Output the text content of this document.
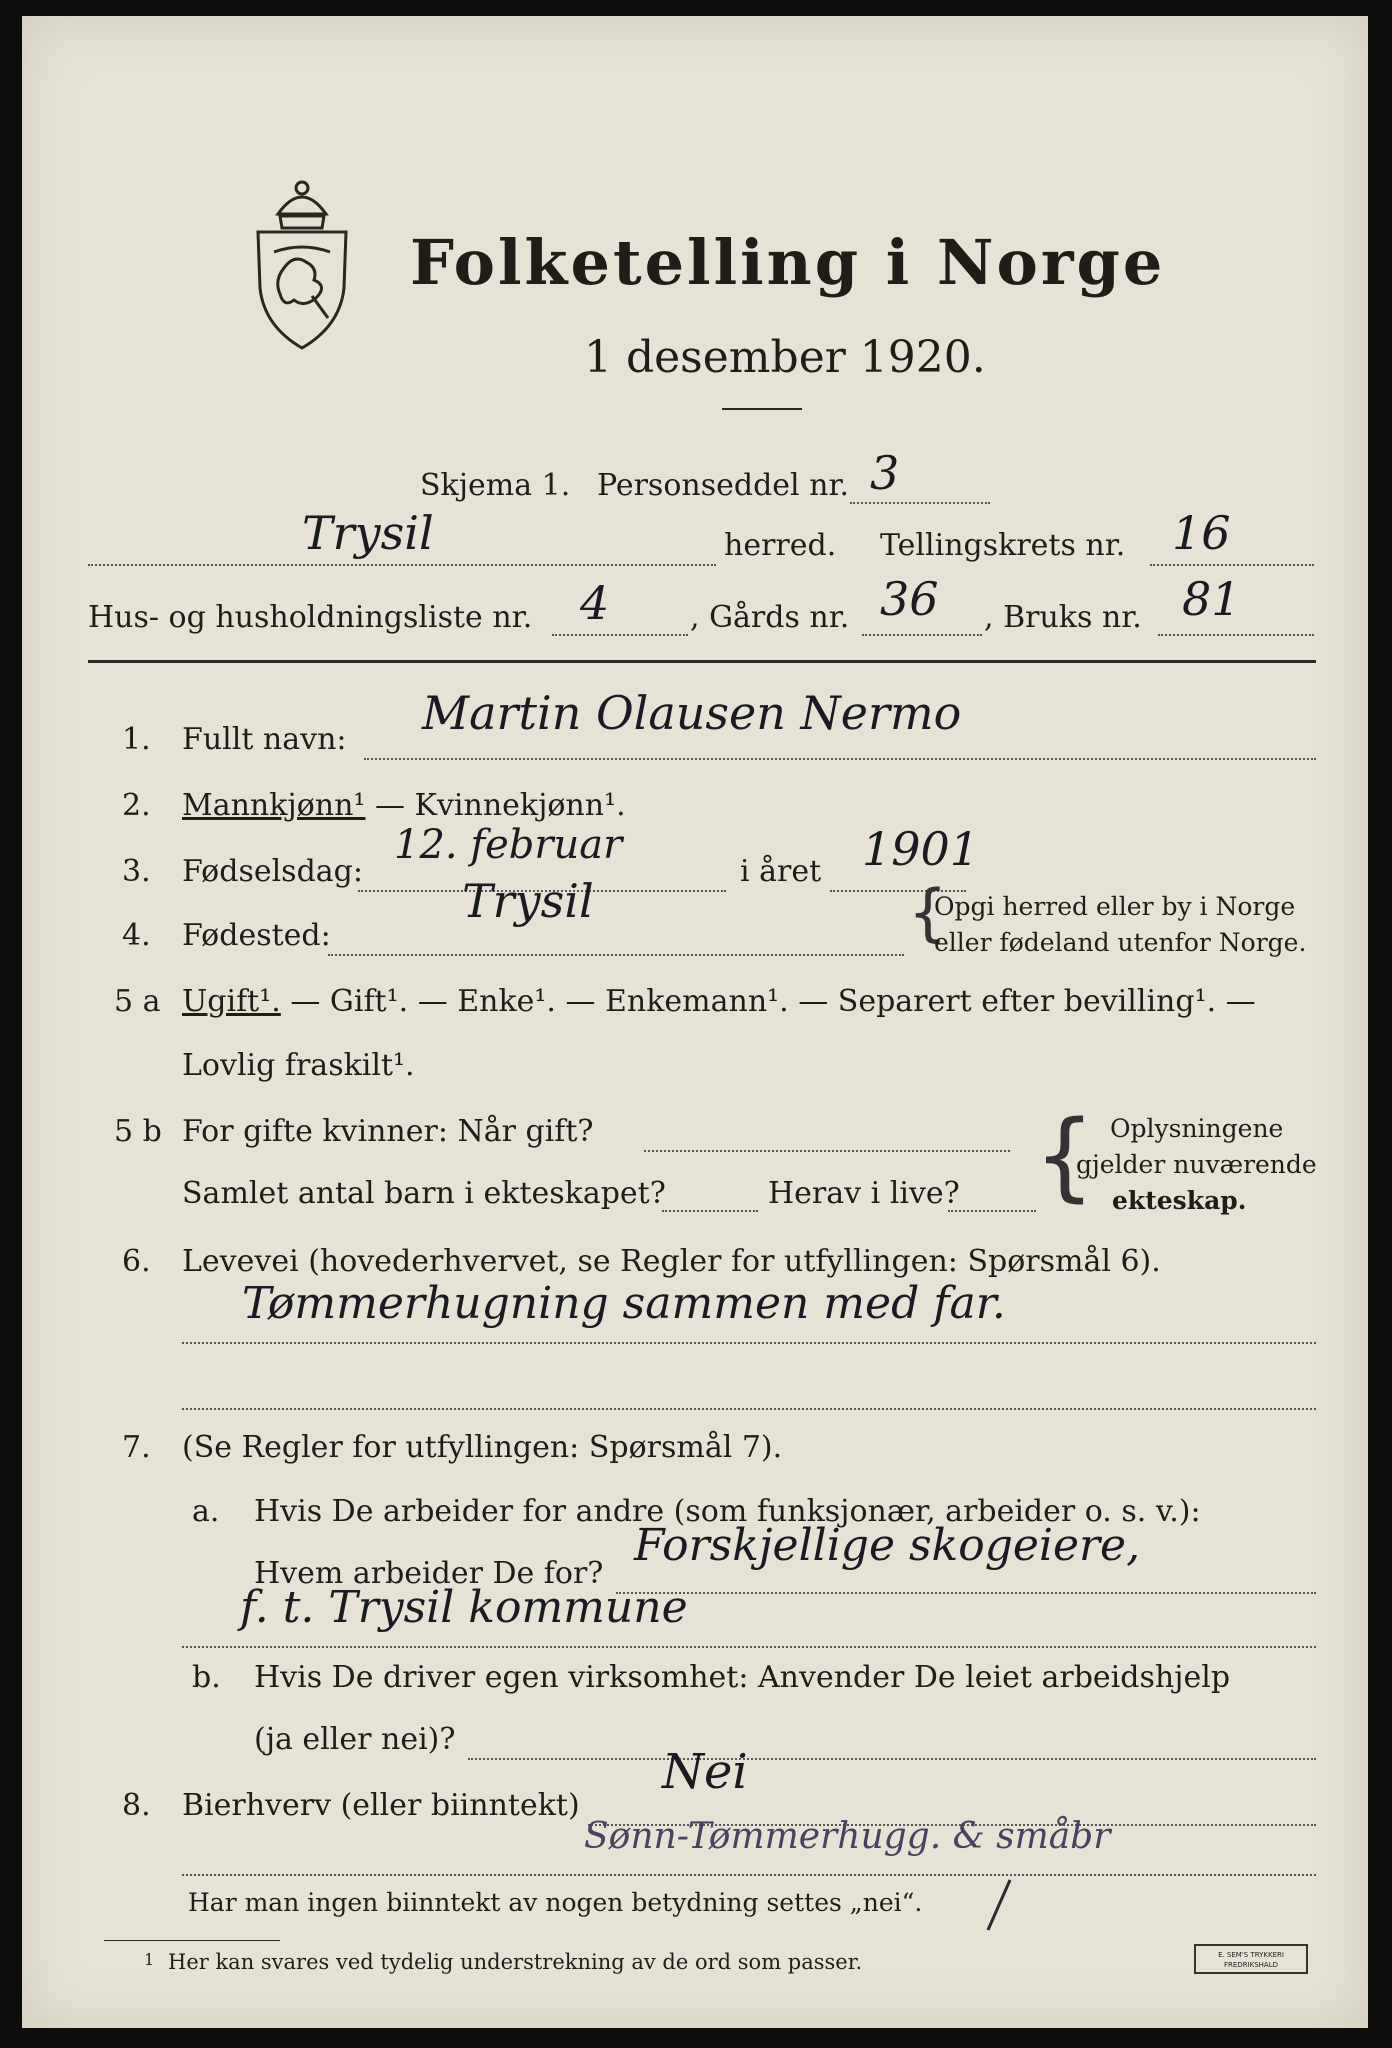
Folketelling i Norge
1 desember 1920.
Skjema 1. Personseddel nr. 3
Trysil	herred. Tellingskrets nr. 16
Hus- og husholdningsliste nr. 4	, Gårds nr. 36 , Bruks nr. 81
1. Fullt navn: Martin Olausen Nermo
2. Mannkjønn¹ — Kvinnekjønn¹.
3. Fødselsdag:
12. februar
i året 1901
4. Fødested:
Trysil	{
Opgi herred eller by i Norge
eller fødeland utenfor Norge.
5 a Ugift¹. — Gift¹. — Enke¹. — Enkemann¹. — Separert efter bevilling¹. —
Lovlig fraskilt¹.
5 b For gifte kvinner: Når gift?
Samlet antal barn i ekteskapet?	Herav i live? { Oplysningene
gjelder nuværende
ekteskap.
6. Levevei (hovederhvervet, se Regler for utfyllingen: Spørsmål 6).
Tømmerhugning sammen med far.
7. (Se Regler for utfyllingen: Spørsmål 7).
a. Hvis De arbeider for andre (som funksjonær, arbeider o. s. v.):
Hvem arbeider De for?
Forskjellige skogeiere,
f. t. Trysil kommune
b. Hvis De driver egen virksomhet: Anvender De leiet arbeidshjelp
(ja eller nei)?
8. Bierhverv (eller biinntekt)
Nei
Sønn-Tømmerhugg. & småbr
Har man ingen biinntekt av nogen betydning settes „nei“.
1 Her kan svares ved tydelig understrekning av de ord som passer.	E. SEM'S TRYKKERI FREDRIKSHALD
